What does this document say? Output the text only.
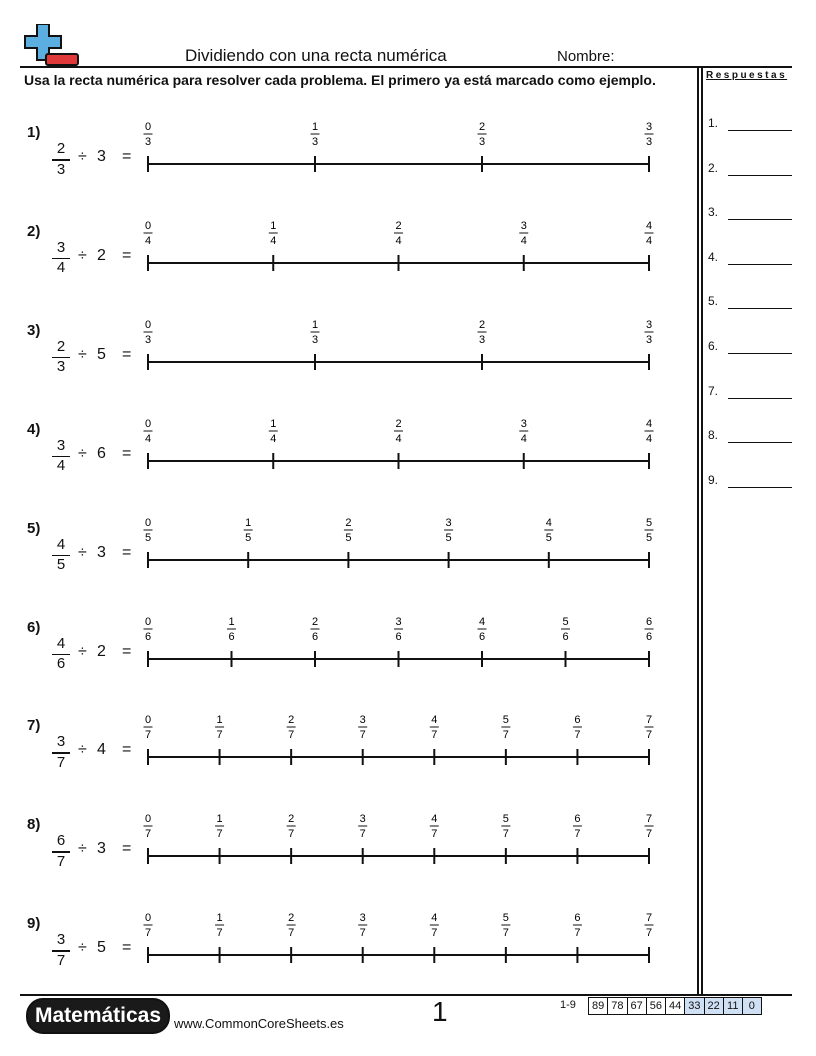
Dividiendo con una recta numérica	Nombre:
Usa la recta numérica para resolver cada problema. El primero ya está marcado como ejemplo.	Respuestas
1.
2.
3.
4.
5.
6.
7.
8.
9.
1)
2
3
÷ 3 =
0
3
1
3
2
3
3
3
2)
3
4
÷ 2 =
0
4
1
4
2
4
3
4
4
4
3)
2
3
÷ 5 =
0
3
1
3
2
3
3
3
4)
3
4
÷ 6 =
0
4
1
4
2
4
3
4
4
4
5)
4
5
÷ 3 =
0
5
1
5
2
5
3
5
4
5
5
5
6)
4
6
÷ 2 =
0
6
1
6
2
6
3
6
4
6
5
6
6
6
7)
3
7
÷ 4 =
0
7
1
7
2
7
3
7
4
7
5
7
6
7
7
7
8)
6
7
÷ 3 =
0
7
1
7
2
7
3
7
4
7
5
7
6
7
7
7
9)
3
7
÷ 5 =
0
7
1
7
2
7
3
7
4
7
5
7
6
7
7
7
Matemáticas www.CommonCoreSheets.es	1	1-9 89	78	67	56	44	33	22	11	0
